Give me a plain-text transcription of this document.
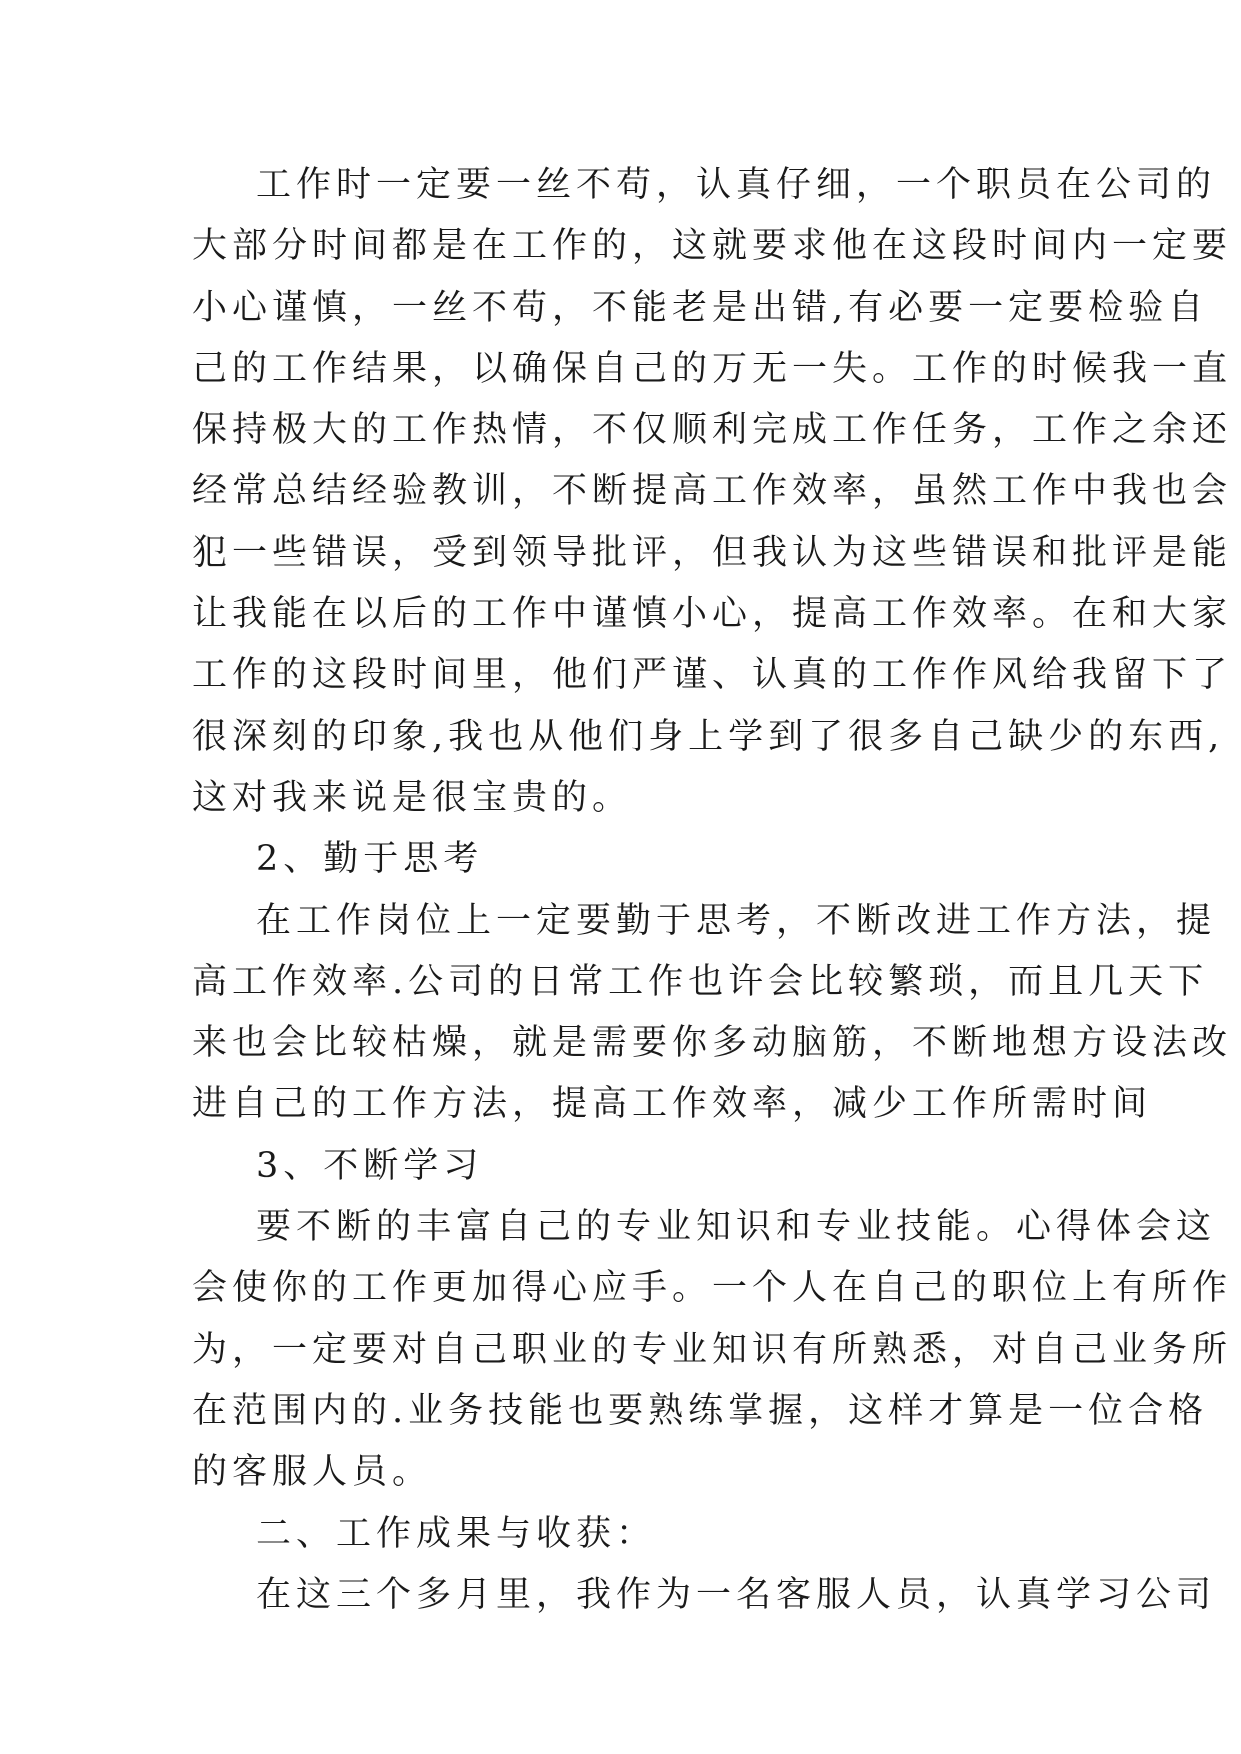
工作时一定要一丝不苟，认真仔细，一个职员在公司的
大部分时间都是在工作的，这就要求他在这段时间内一定要
小心谨慎，一丝不苟，不能老是出错,有必要一定要检验自
己的工作结果，以确保自己的万无一失。工作的时候我一直
保持极大的工作热情，不仅顺利完成工作任务，工作之余还
经常总结经验教训，不断提高工作效率，虽然工作中我也会
犯一些错误，受到领导批评，但我认为这些错误和批评是能
让我能在以后的工作中谨慎小心，提高工作效率。在和大家
工作的这段时间里，他们严谨、认真的工作作风给我留下了
很深刻的印象,我也从他们身上学到了很多自己缺少的东西,
这对我来说是很宝贵的。
2、勤于思考
在工作岗位上一定要勤于思考，不断改进工作方法，提
高工作效率.公司的日常工作也许会比较繁琐，而且几天下
来也会比较枯燥，就是需要你多动脑筋，不断地想方设法改
进自己的工作方法，提高工作效率，减少工作所需时间
3、不断学习
要不断的丰富自己的专业知识和专业技能。心得体会这
会使你的工作更加得心应手。一个人在自己的职位上有所作
为，一定要对自己职业的专业知识有所熟悉，对自己业务所
在范围内的.业务技能也要熟练掌握，这样才算是一位合格
的客服人员。
二、工作成果与收获：
在这三个多月里，我作为一名客服人员，认真学习公司
